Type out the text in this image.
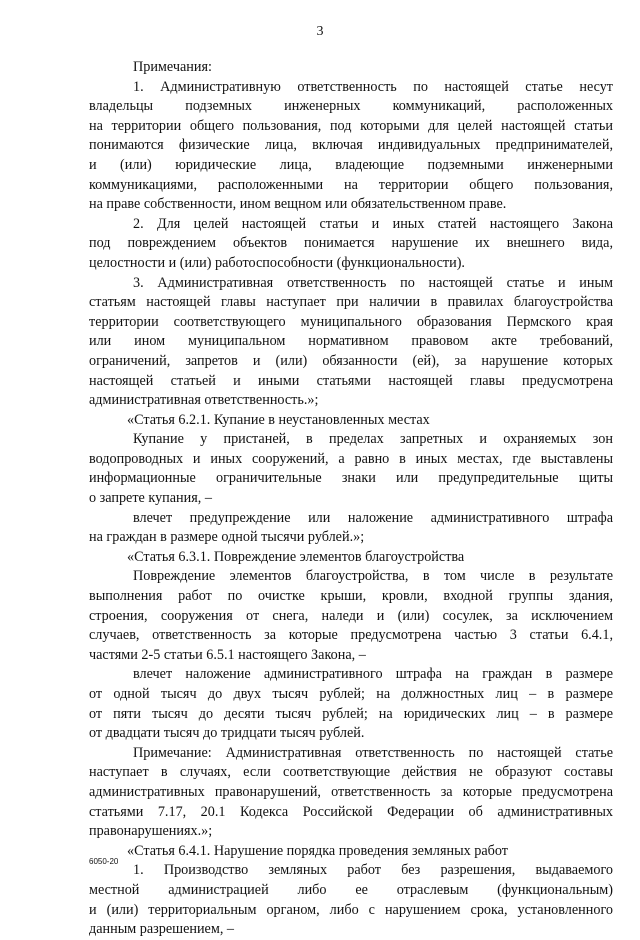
3
Примечания:
1. Административную ответственность по настоящей статье несут
владельцы подземных инженерных коммуникаций, расположенных
на территории общего пользования, под которыми для целей настоящей статьи
понимаются физические лица, включая индивидуальных предпринимателей,
и (или) юридические лица, владеющие подземными инженерными
коммуникациями, расположенными на территории общего пользования,
на праве собственности, ином вещном или обязательственном праве.
2. Для целей настоящей статьи и иных статей настоящего Закона
под повреждением объектов понимается нарушение их внешнего вида,
целостности и (или) работоспособности (функциональности).
3. Административная ответственность по настоящей статье и иным
статьям настоящей главы наступает при наличии в правилах благоустройства
территории соответствующего муниципального образования Пермского края
или ином муниципальном нормативном правовом акте требований,
ограничений, запретов и (или) обязанности (ей), за нарушение которых
настоящей статьей и иными статьями настоящей главы предусмотрена
административная ответственность.»;
«Статья 6.2.1. Купание в неустановленных местах
Купание у пристаней, в пределах запретных и охраняемых зон
водопроводных и иных сооружений, а равно в иных местах, где выставлены
информационные ограничительные знаки или предупредительные щиты
о запрете купания, –
влечет предупреждение или наложение административного штрафа
на граждан в размере одной тысячи рублей.»;
«Статья 6.3.1. Повреждение элементов благоустройства
Повреждение элементов благоустройства, в том числе в результате
выполнения работ по очистке крыши, кровли, входной группы здания,
строения, сооружения от снега, наледи и (или) сосулек, за исключением
случаев, ответственность за которые предусмотрена частью 3 статьи 6.4.1,
частями 2-5 статьи 6.5.1 настоящего Закона, –
влечет наложение административного штрафа на граждан в размере
от одной тысяч до двух тысяч рублей; на должностных лиц – в размере
от пяти тысяч до десяти тысяч рублей; на юридических лиц – в размере
от двадцати тысяч до тридцати тысяч рублей.
Примечание: Административная ответственность по настоящей статье
наступает в случаях, если соответствующие действия не образуют составы
административных правонарушений, ответственность за которые предусмотрена
статьями 7.17, 20.1 Кодекса Российской Федерации об административных
правонарушениях.»;
«Статья 6.4.1. Нарушение порядка проведения земляных работ
1. Производство земляных работ без разрешения, выдаваемого
местной администрацией либо ее отраслевым (функциональным)
и (или) территориальным органом, либо с нарушением срока, установленного
данным разрешением, –
6050-20
